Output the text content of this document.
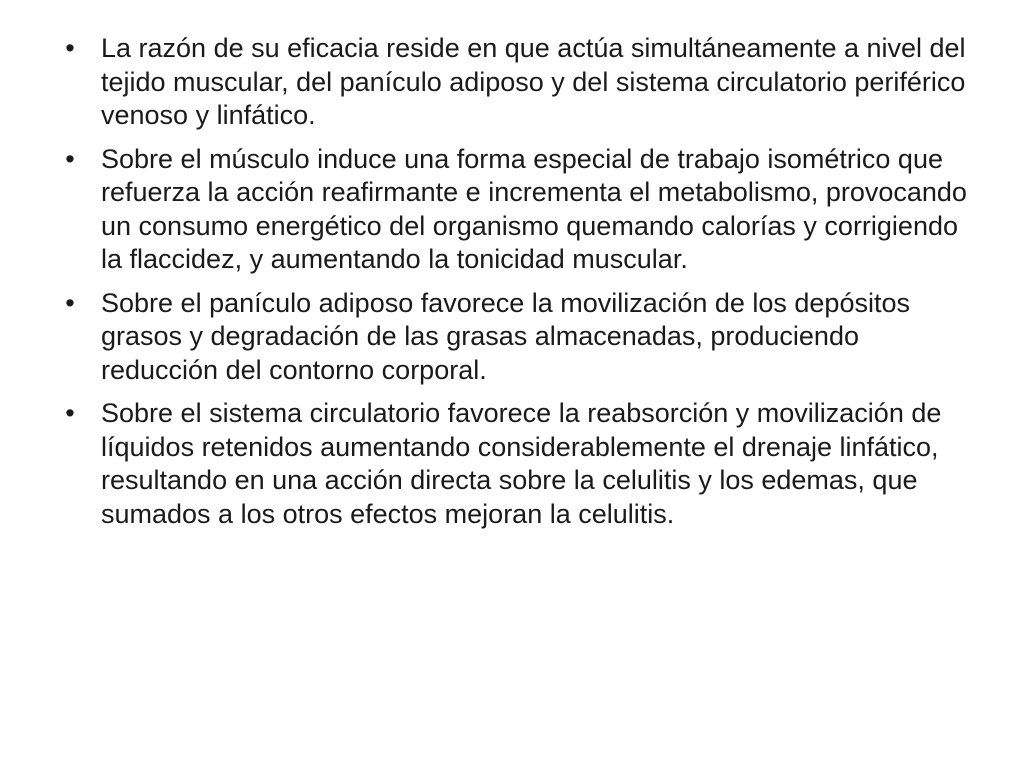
• La razón de su eficacia reside en que actúa simultáneamente a nivel del tejido muscular, del panículo adiposo y del sistema circulatorio periférico venoso y linfático.
• Sobre el músculo induce una forma especial de trabajo isométrico que refuerza la acción reafirmante e incrementa el metabolismo, provocando un consumo energético del organismo quemando calorías y corrigiendo la flaccidez, y aumentando la tonicidad muscular.
• Sobre el panículo adiposo favorece la movilización de los depósitos grasos y degradación de las grasas almacenadas, produciendo reducción del contorno corporal.
• Sobre el sistema circulatorio favorece la reabsorción y movilización de líquidos retenidos aumentando considerablemente el drenaje linfático, resultando en una acción directa sobre la celulitis y los edemas, que sumados a los otros efectos mejoran la celulitis.
